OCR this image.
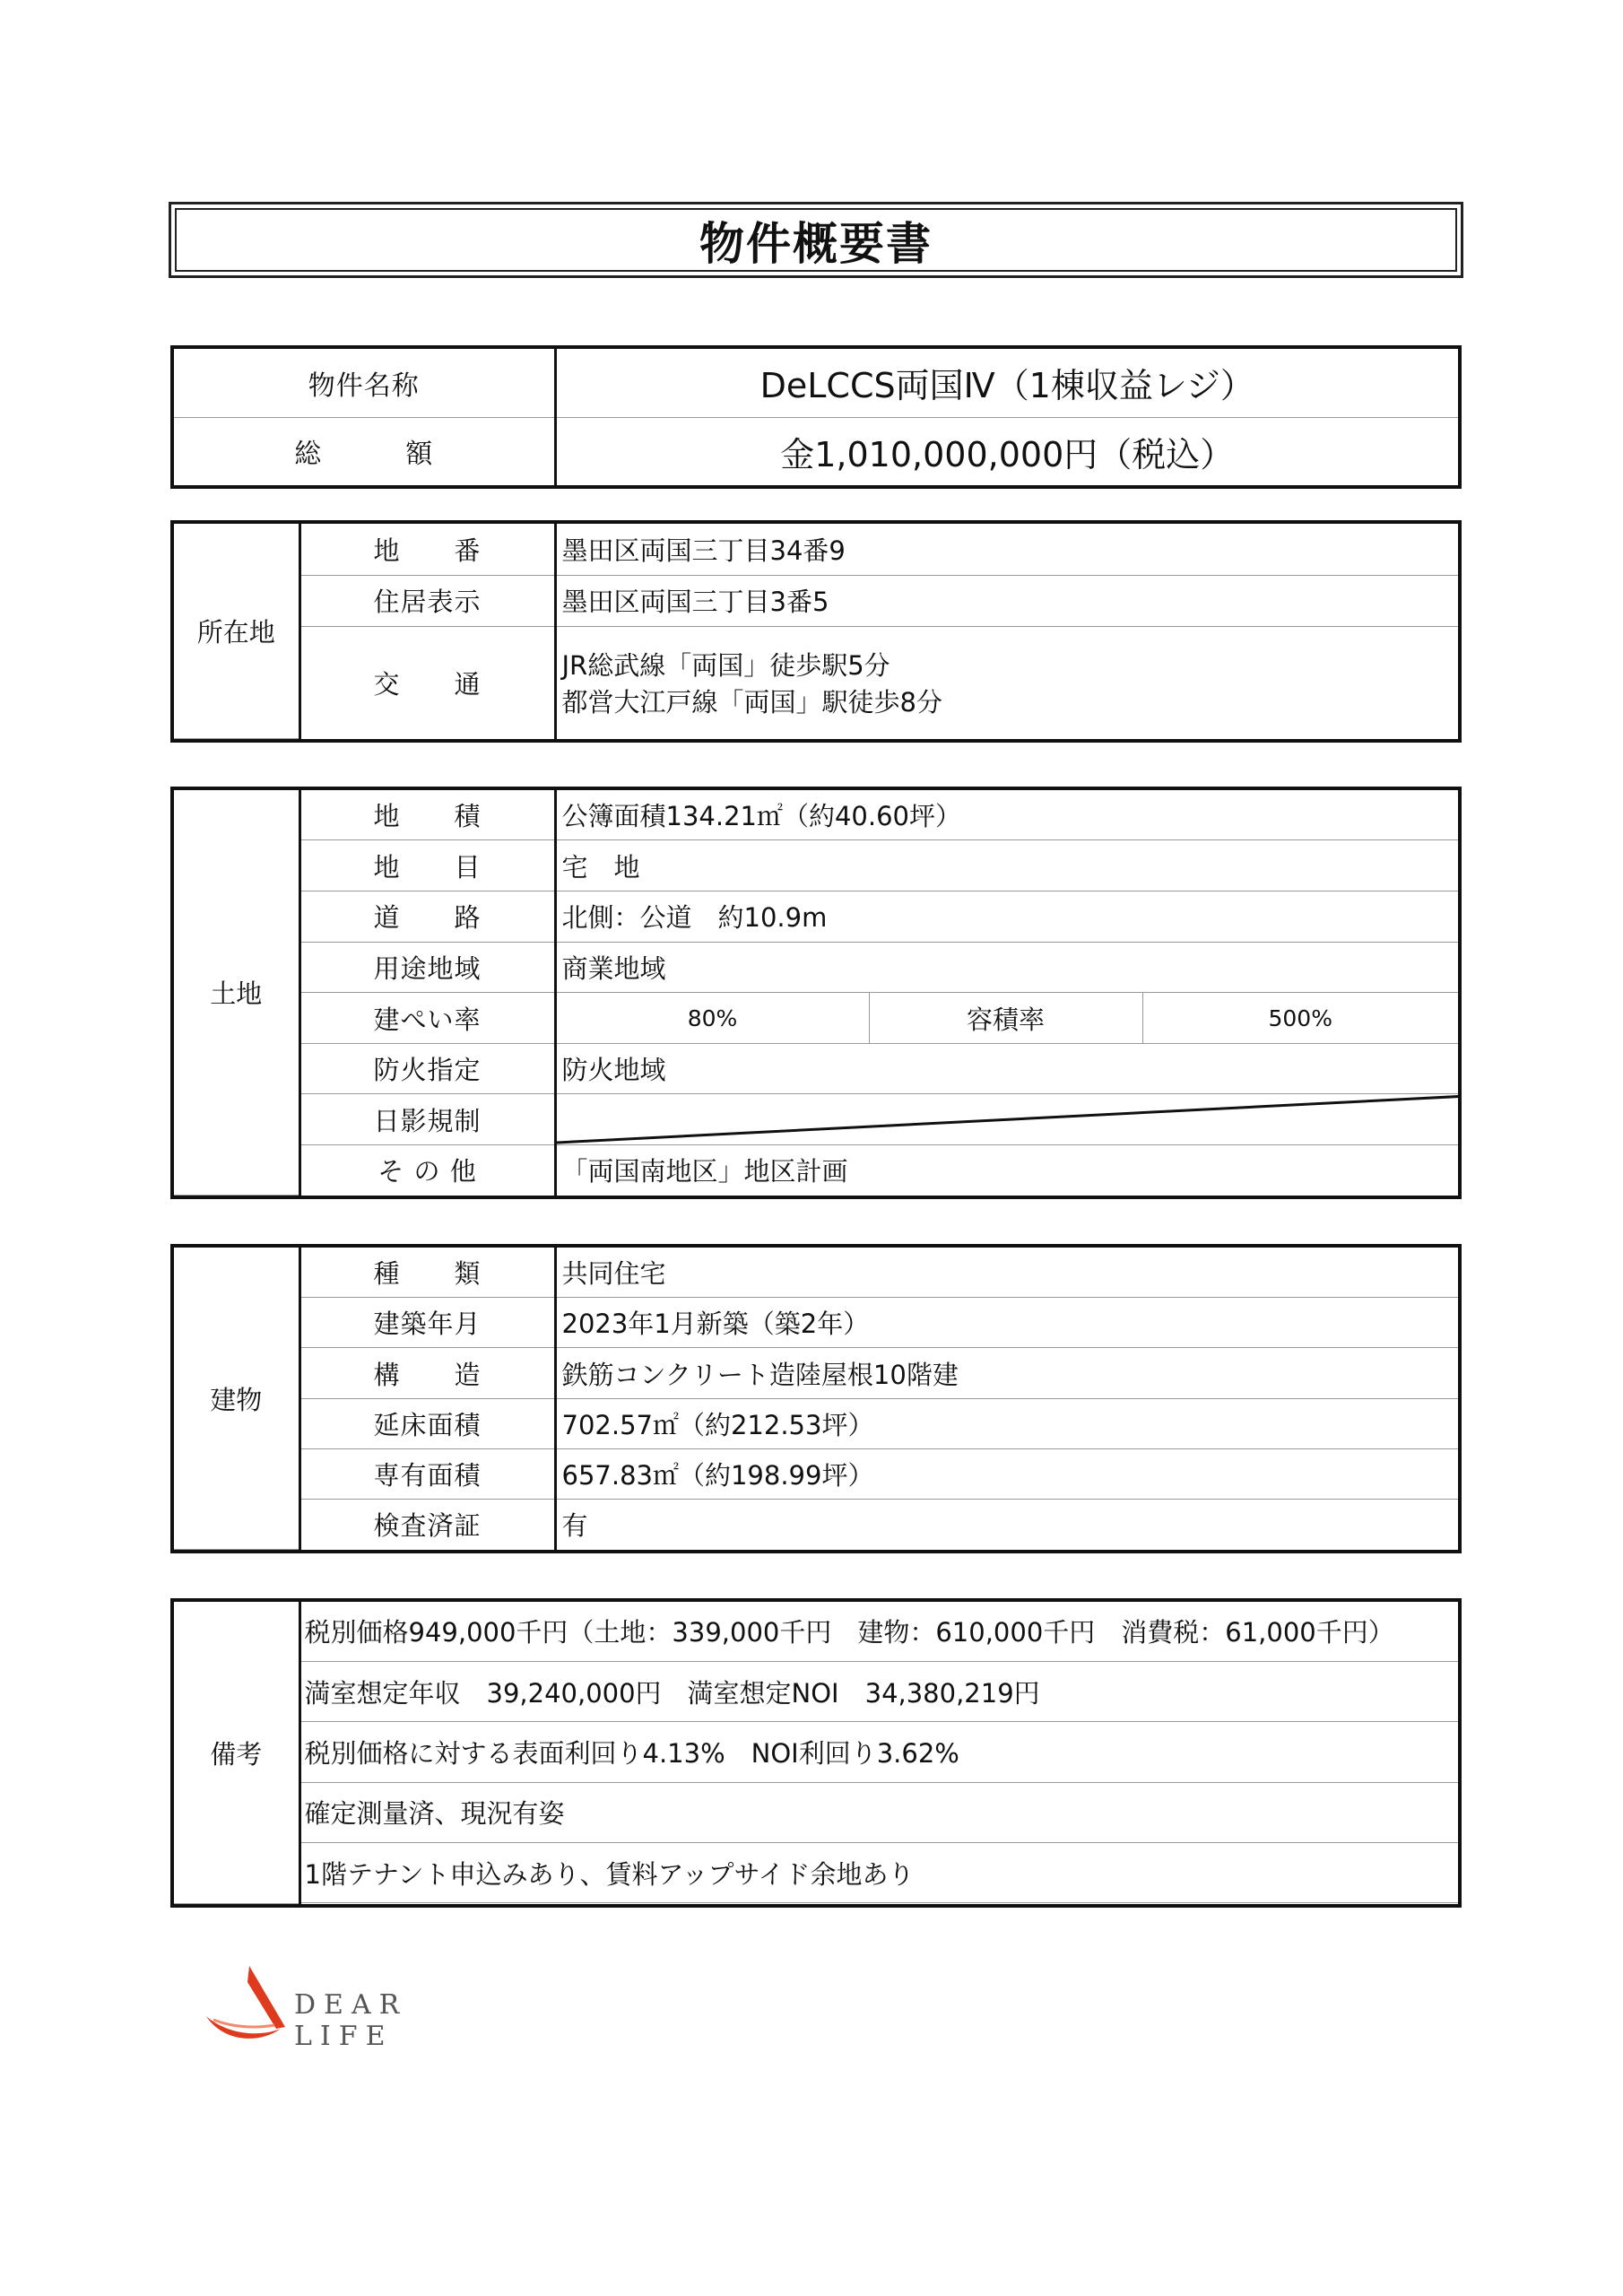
物件概要書
物件名称	DeLCCS両国Ⅳ（1棟収益レジ）
総　　　額	金1,010,000,000円（税込）
所在地	地　　番	墨田区両国三丁目34番9
	住居表示	墨田区両国三丁目3番5
	交　　通	JR総武線「両国」徒歩駅5分
都営大江戸線「両国」駅徒歩8分
土地	地　　積	公簿面積134.21㎡（約40.60坪）		
	地　　目	宅　地		
	道　　路	北側：公道　約10.9m		
	用途地域	商業地域		
	建ぺい率	80%	容積率	500%
	防火指定	防火地域		
	日影規制	

	そ の 他	「両国南地区」地区計画		
建物	種　　類	共同住宅
	建築年月	2023年1月新築（築2年）
	構　　造	鉄筋コンクリート造陸屋根10階建
	延床面積	702.57㎡（約212.53坪）
	専有面積	657.83㎡（約198.99坪）
	検査済証	有
備考	税別価格949,000千円（土地：339,000千円　建物：610,000千円　消費税：61,000千円）
満室想定年収　39,240,000円　満室想定NOI　34,380,219円
税別価格に対する表面利回り4.13%　NOI利回り3.62%
確定測量済、現況有姿
1階テナント申込みあり、賃料アップサイド余地あり

DEAR LIFE
